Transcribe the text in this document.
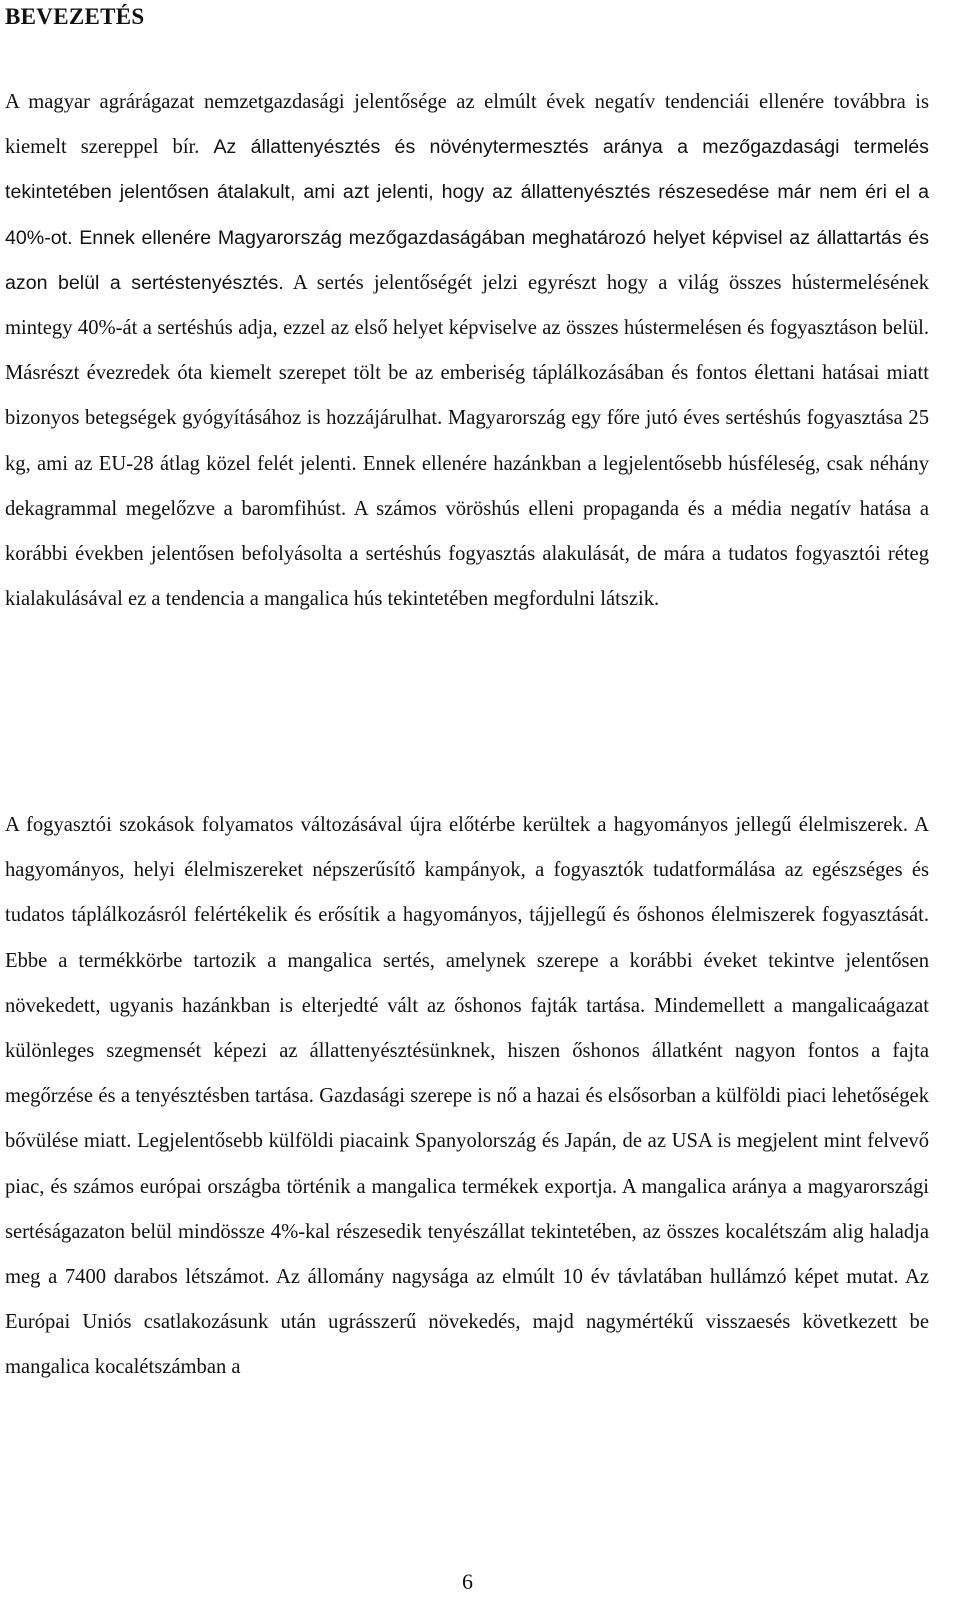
BEVEZETÉS

A magyar agrárágazat nemzetgazdasági jelentősége az elmúlt évek negatív tendenciái ellenére továbbra is kiemelt szereppel bír. Az állattenyésztés és növénytermesztés aránya a mezőgazdasági termelés tekintetében jelentősen átalakult, ami azt jelenti, hogy az állattenyésztés részesedése már nem éri el a 40%-ot. Ennek ellenére Magyarország mezőgazdaságában meghatározó helyet képvisel az állattartás és azon belül a sertéstenyésztés. A sertés jelentőségét jelzi egyrészt hogy a világ összes hústermelésének mintegy 40%-át a sertéshús adja, ezzel az első helyet képviselve az összes hústermelésen és fogyasztáson belül. Másrészt évezredek óta kiemelt szerepet tölt be az emberiség táplálkozásában és fontos élettani hatásai miatt bizonyos betegségek gyógyításához is hozzájárulhat. Magyarország egy főre jutó éves sertéshús fogyasztása 25 kg, ami az EU-28 átlag közel felét jelenti. Ennek ellenére hazánkban a legjelentősebb húsféleség, csak néhány dekagrammal megelőzve a baromfihúst. A számos vöröshús elleni propaganda és a média negatív hatása a korábbi években jelentősen befolyásolta a sertéshús fogyasztás alakulását, de mára a tudatos fogyasztói réteg kialakulásával ez a tendencia a mangalica hús tekintetében megfordulni látszik.

A fogyasztói szokások folyamatos változásával újra előtérbe kerültek a hagyományos jellegű élelmiszerek. A hagyományos, helyi élelmiszereket népszerűsítő kampányok, a fogyasztók tudatformálása az egészséges és tudatos táplálkozásról felértékelik és erősítik a hagyományos, tájjellegű és őshonos élelmiszerek fogyasztását. Ebbe a termékkörbe tartozik a mangalica sertés, amelynek szerepe a korábbi éveket tekintve jelentősen növekedett, ugyanis hazánkban is elterjedté vált az őshonos fajták tartása. Mindemellett a mangalicaágazat különleges szegmensét képezi az állattenyésztésünknek, hiszen őshonos állatként nagyon fontos a fajta megőrzése és a tenyésztésben tartása. Gazdasági szerepe is nő a hazai és elsősorban a külföldi piaci lehetőségek bővülése miatt. Legjelentősebb külföldi piacaink Spanyolország és Japán, de az USA is megjelent mint felvevő piac, és számos európai országba történik a mangalica termékek exportja. A mangalica aránya a magyarországi sertéságazaton belül mindössze 4%-kal részesedik tenyészállat tekintetében, az összes kocalétszám alig haladja meg a 7400 darabos létszámot. Az állomány nagysága az elmúlt 10 év távlatában hullámzó képet mutat. Az Európai Uniós csatlakozásunk után ugrásszerű növekedés, majd nagymértékű visszaesés következett be mangalica kocalétszámban a

6
